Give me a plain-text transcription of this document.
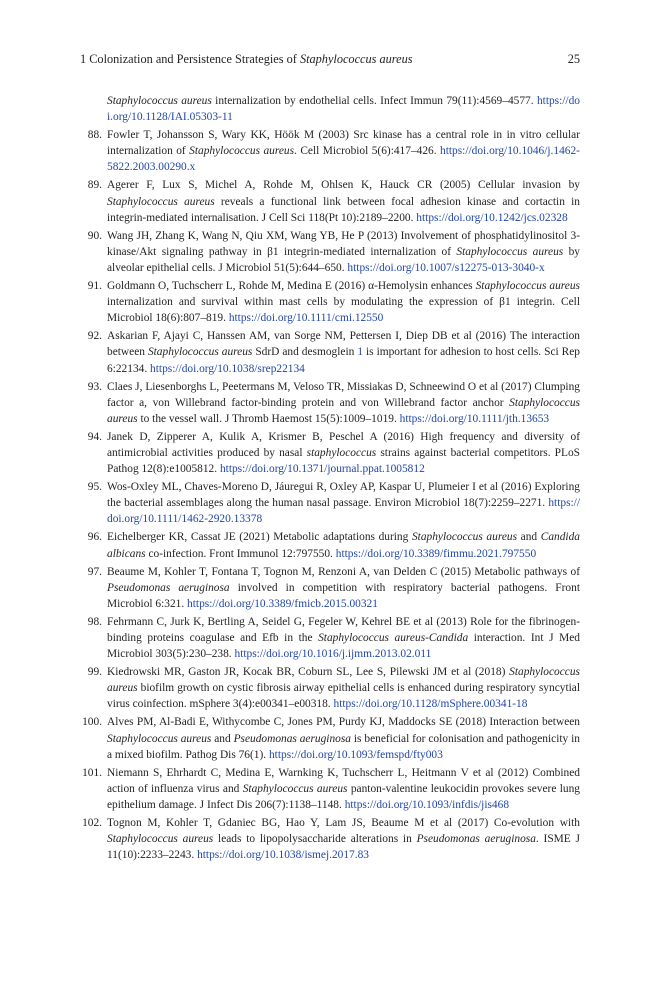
1 Colonization and Persistence Strategies of Staphylococcus aureus	25
Staphylococcus aureus internalization by endothelial cells. Infect Immun 79(11):4569–4577. https://doi.org/10.1128/IAI.05303-11
88. Fowler T, Johansson S, Wary KK, Höök M (2003) Src kinase has a central role in in vitro cellular internalization of Staphylococcus aureus. Cell Microbiol 5(6):417–426. https://doi.org/10.1046/j.1462-5822.2003.00290.x
89. Agerer F, Lux S, Michel A, Rohde M, Ohlsen K, Hauck CR (2005) Cellular invasion by Staphylococcus aureus reveals a functional link between focal adhesion kinase and cortactin in integrin-mediated internalisation. J Cell Sci 118(Pt 10):2189–2200. https://doi.org/10.1242/jcs.02328
90. Wang JH, Zhang K, Wang N, Qiu XM, Wang YB, He P (2013) Involvement of phosphatidylinositol 3-kinase/Akt signaling pathway in β1 integrin-mediated internalization of Staphylococcus aureus by alveolar epithelial cells. J Microbiol 51(5):644–650. https://doi.org/10.1007/s12275-013-3040-x
91. Goldmann O, Tuchscherr L, Rohde M, Medina E (2016) α-Hemolysin enhances Staphylococcus aureus internalization and survival within mast cells by modulating the expression of β1 integrin. Cell Microbiol 18(6):807–819. https://doi.org/10.1111/cmi.12550
92. Askarian F, Ajayi C, Hanssen AM, van Sorge NM, Pettersen I, Diep DB et al (2016) The interaction between Staphylococcus aureus SdrD and desmoglein 1 is important for adhesion to host cells. Sci Rep 6:22134. https://doi.org/10.1038/srep22134
93. Claes J, Liesenborghs L, Peetermans M, Veloso TR, Missiakas D, Schneewind O et al (2017) Clumping factor a, von Willebrand factor-binding protein and von Willebrand factor anchor Staphylococcus aureus to the vessel wall. J Thromb Haemost 15(5):1009–1019. https://doi.org/10.1111/jth.13653
94. Janek D, Zipperer A, Kulik A, Krismer B, Peschel A (2016) High frequency and diversity of antimicrobial activities produced by nasal staphylococcus strains against bacterial competitors. PLoS Pathog 12(8):e1005812. https://doi.org/10.1371/journal.ppat.1005812
95. Wos-Oxley ML, Chaves-Moreno D, Jáuregui R, Oxley AP, Kaspar U, Plumeier I et al (2016) Exploring the bacterial assemblages along the human nasal passage. Environ Microbiol 18(7):2259–2271. https://doi.org/10.1111/1462-2920.13378
96. Eichelberger KR, Cassat JE (2021) Metabolic adaptations during Staphylococcus aureus and Candida albicans co-infection. Front Immunol 12:797550. https://doi.org/10.3389/fimmu.2021.797550
97. Beaume M, Kohler T, Fontana T, Tognon M, Renzoni A, van Delden C (2015) Metabolic pathways of Pseudomonas aeruginosa involved in competition with respiratory bacterial pathogens. Front Microbiol 6:321. https://doi.org/10.3389/fmicb.2015.00321
98. Fehrmann C, Jurk K, Bertling A, Seidel G, Fegeler W, Kehrel BE et al (2013) Role for the fibrinogen-binding proteins coagulase and Efb in the Staphylococcus aureus-Candida interaction. Int J Med Microbiol 303(5):230–238. https://doi.org/10.1016/j.ijmm.2013.02.011
99. Kiedrowski MR, Gaston JR, Kocak BR, Coburn SL, Lee S, Pilewski JM et al (2018) Staphylococcus aureus biofilm growth on cystic fibrosis airway epithelial cells is enhanced during respiratory syncytial virus coinfection. mSphere 3(4):e00341–e00318. https://doi.org/10.1128/mSphere.00341-18
100. Alves PM, Al-Badi E, Withycombe C, Jones PM, Purdy KJ, Maddocks SE (2018) Interaction between Staphylococcus aureus and Pseudomonas aeruginosa is beneficial for colonisation and pathogenicity in a mixed biofilm. Pathog Dis 76(1). https://doi.org/10.1093/femspd/fty003
101. Niemann S, Ehrhardt C, Medina E, Warnking K, Tuchscherr L, Heitmann V et al (2012) Combined action of influenza virus and Staphylococcus aureus panton-valentine leukocidin provokes severe lung epithelium damage. J Infect Dis 206(7):1138–1148. https://doi.org/10.1093/infdis/jis468
102. Tognon M, Kohler T, Gdaniec BG, Hao Y, Lam JS, Beaume M et al (2017) Co-evolution with Staphylococcus aureus leads to lipopolysaccharide alterations in Pseudomonas aeruginosa. ISME J 11(10):2233–2243. https://doi.org/10.1038/ismej.2017.83
